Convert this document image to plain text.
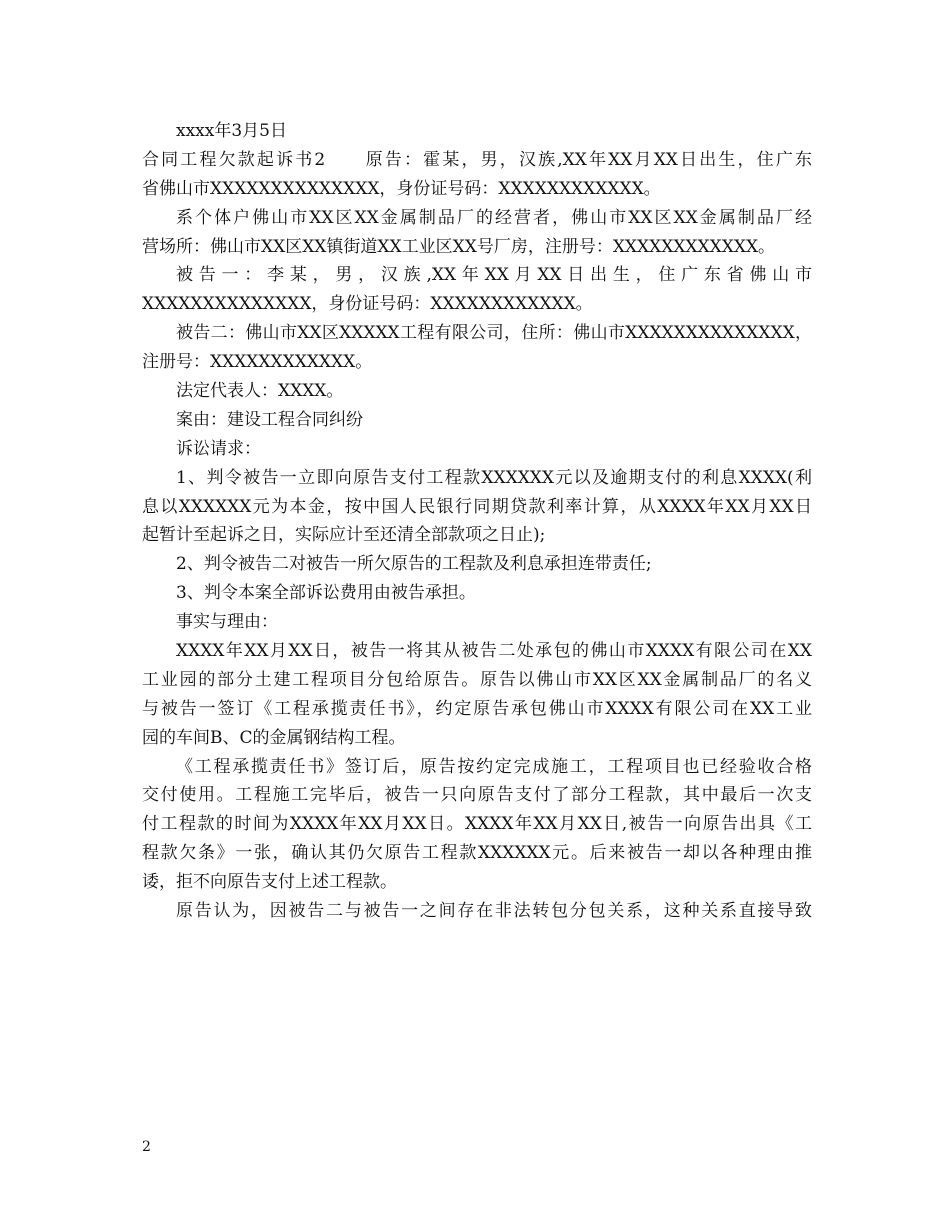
xxxx年3月5日
合同工程欠款起诉书2　　原告：霍某，男，汉族,XX年XX月XX日出生，住广东
省佛山市XXXXXXXXXXXXXX，身份证号码：XXXXXXXXXXXX。
系个体户佛山市XX区XX金属制品厂的经营者，佛山市XX区XX金属制品厂经
营场所：佛山市XX区XX镇街道XX工业区XX号厂房，注册号：XXXXXXXXXXXX。
被告一：李某，男，汉族,XX年XX月XX日出生，住广东省佛山市
XXXXXXXXXXXXXX，身份证号码：XXXXXXXXXXXX。
被告二：佛山市XX区XXXXX工程有限公司，住所：佛山市XXXXXXXXXXXXXX，
注册号：XXXXXXXXXXXX。
法定代表人：XXXX。
案由：建设工程合同纠纷
诉讼请求：
1、判令被告一立即向原告支付工程款XXXXXX元以及逾期支付的利息XXXX(利
息以XXXXXX元为本金，按中国人民银行同期贷款利率计算，从XXXX年XX月XX日
起暂计至起诉之日，实际应计至还清全部款项之日止);
2、判令被告二对被告一所欠原告的工程款及利息承担连带责任;
3、判令本案全部诉讼费用由被告承担。
事实与理由：
XXXX年XX月XX日，被告一将其从被告二处承包的佛山市XXXX有限公司在XX
工业园的部分土建工程项目分包给原告。原告以佛山市XX区XX金属制品厂的名义
与被告一签订《工程承揽责任书》，约定原告承包佛山市XXXX有限公司在XX工业
园的车间B、C的金属钢结构工程。
《工程承揽责任书》签订后，原告按约定完成施工，工程项目也已经验收合格
交付使用。工程施工完毕后，被告一只向原告支付了部分工程款，其中最后一次支
付工程款的时间为XXXX年XX月XX日。XXXX年XX月XX日,被告一向原告出具《工
程款欠条》一张，确认其仍欠原告工程款XXXXXX元。后来被告一却以各种理由推
诿，拒不向原告支付上述工程款。
原告认为，因被告二与被告一之间存在非法转包分包关系，这种关系直接导致
2
